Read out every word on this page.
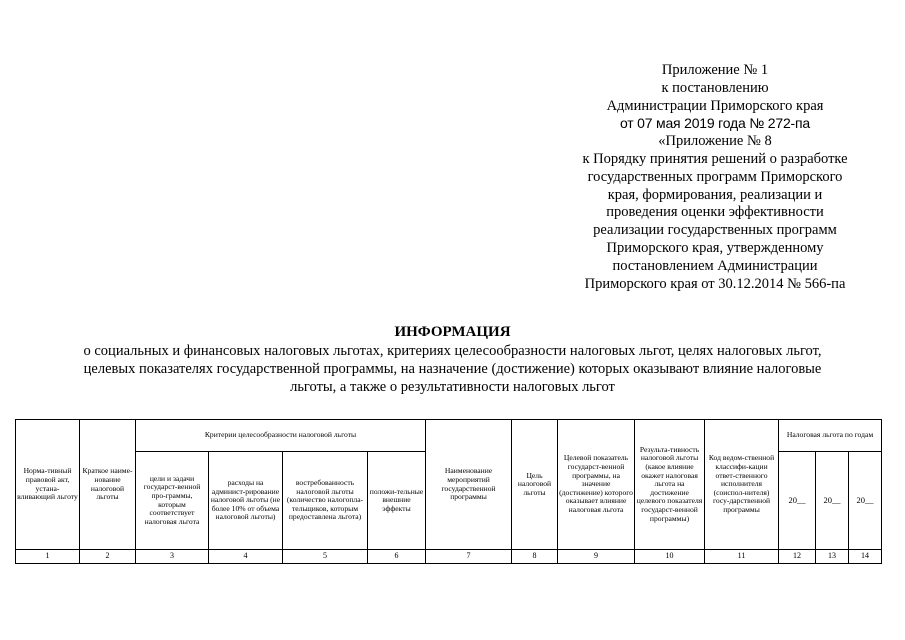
Приложение № 1
к постановлению
Администрации Приморского края
от 07 мая 2019 года № 272-па
«Приложение № 8
к Порядку принятия решений о разработке
государственных программ Приморского
края, формирования, реализации и
проведения оценки эффективности
реализации государственных программ
Приморского края, утвержденному
постановлением Администрации
Приморского края от 30.12.2014 № 566-па
ИНФОРМАЦИЯ
о социальных и финансовых налоговых льготах, критериях целесообразности налоговых льгот, целях налоговых льгот,
целевых показателях государственной программы, на назначение (достижение) которых оказывают влияние налоговые
льготы, а также о результативности налоговых льгот
Норма-тивный правовой акт, устана-вливающий льготу	Краткое наиме-нование налоговой льготы	Критерии целесообразности налоговой льготы				Наименование мероприятий государственной программы	Цель налоговой льготы	Целевой показатель государст-венной программы, на значение (достижение) которого оказывает влияние налоговая льгота	Результа-тивность налоговой льготы (какое влияние окажет налоговая льгота на достижение целевого показателя государст-венной программы)	Код ведом-ственной классифи-кации ответ-ственного исполнителя (соиспол-нителя) госу-дарственной программы	Налоговая льгота по годам		
		цели и задачи государст-венной про-граммы, которым соответствует налоговая льгота	расходы на админист-рирование налоговой льготы (не более 10% от объема налоговой льготы)	востребованность налоговой льготы (количество налогопла-тельщиков, которым предоставлена льгота)	положи-тельные внешние эффекты						20__	20__	20__
1	2	3	4	5	6	7	8	9	10	11	12	13	14
